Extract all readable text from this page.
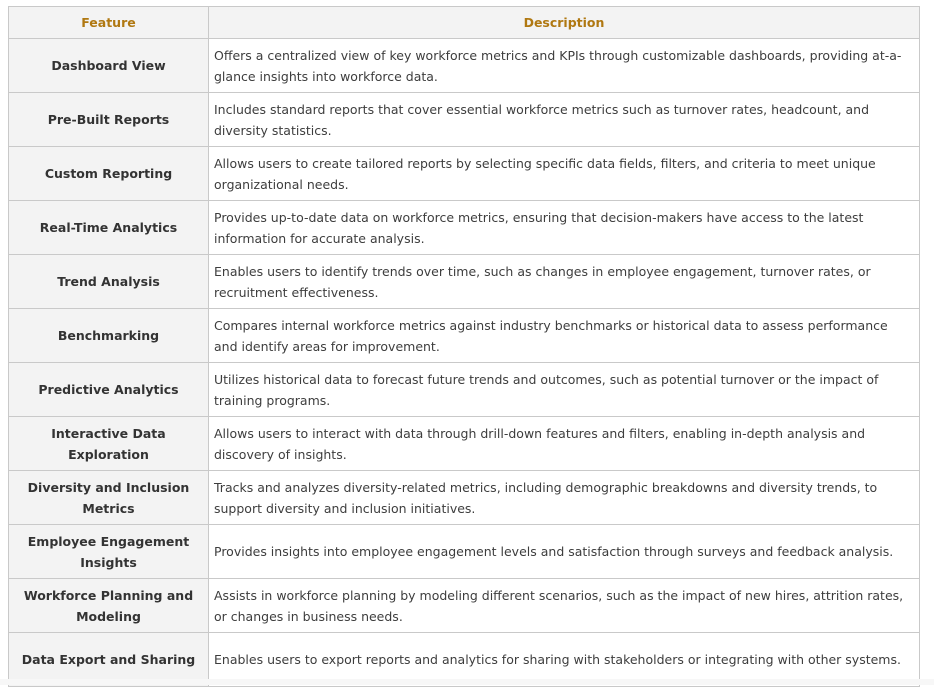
Feature	Description
Dashboard View	Offers a centralized view of key workforce metrics and KPIs through customizable dashboards, providing at-a-glance insights into workforce data.
Pre-Built Reports	Includes standard reports that cover essential workforce metrics such as turnover rates, headcount, and diversity statistics.
Custom Reporting	Allows users to create tailored reports by selecting specific data fields, filters, and criteria to meet unique organizational needs.
Real-Time Analytics	Provides up-to-date data on workforce metrics, ensuring that decision-makers have access to the latest information for accurate analysis.
Trend Analysis	Enables users to identify trends over time, such as changes in employee engagement, turnover rates, or recruitment effectiveness.
Benchmarking	Compares internal workforce metrics against industry benchmarks or historical data to assess performance and identify areas for improvement.
Predictive Analytics	Utilizes historical data to forecast future trends and outcomes, such as potential turnover or the impact of training programs.
Interactive Data Exploration	Allows users to interact with data through drill-down features and filters, enabling in-depth analysis and discovery of insights.
Diversity and Inclusion Metrics	Tracks and analyzes diversity-related metrics, including demographic breakdowns and diversity trends, to support diversity and inclusion initiatives.
Employee Engagement Insights	Provides insights into employee engagement levels and satisfaction through surveys and feedback analysis.
Workforce Planning and Modeling	Assists in workforce planning by modeling different scenarios, such as the impact of new hires, attrition rates, or changes in business needs.
Data Export and Sharing	Enables users to export reports and analytics for sharing with stakeholders or integrating with other systems.
